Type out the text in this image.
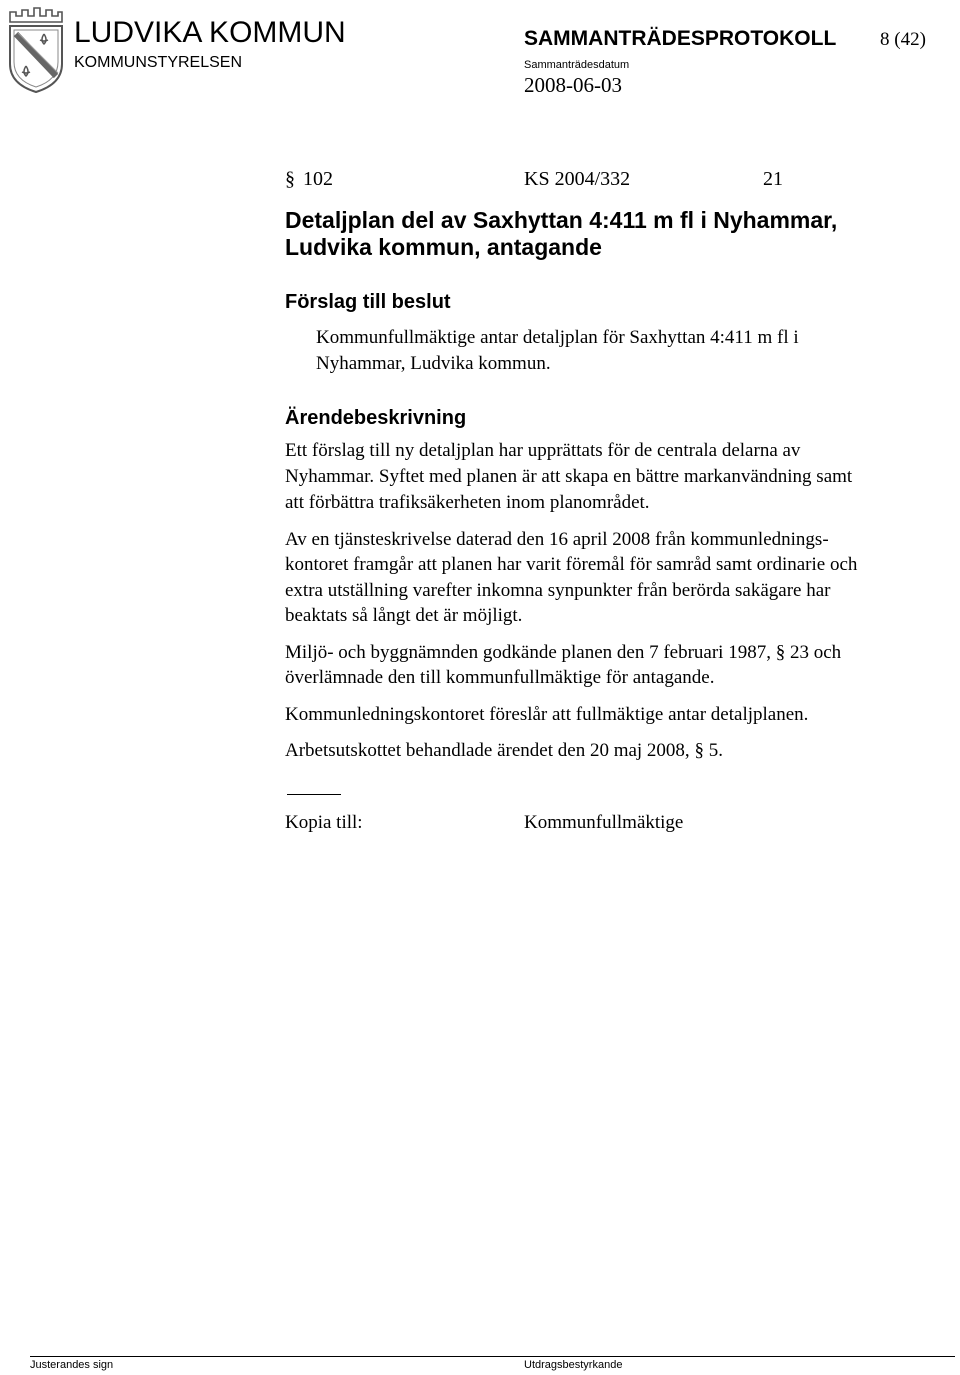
LUDVIKA KOMMUN
KOMMUNSTYRELSEN
SAMMANTRÄDESPROTOKOLL 8 (42)
Sammanträdesdatum
2008-06-03
§ 102	KS 2004/332	21
Detaljplan del av Saxhyttan 4:411 m fl i Nyhammar,
Ludvika kommun, antagande
Förslag till beslut
Kommunfullmäktige antar detaljplan för Saxhyttan 4:411 m fl i
Nyhammar, Ludvika kommun.
Ärendebeskrivning
Ett förslag till ny detaljplan har upprättats för de centrala delarna av
Nyhammar. Syftet med planen är att skapa en bättre markanvändning samt
att förbättra trafiksäkerheten inom planområdet.
Av en tjänsteskrivelse daterad den 16 april 2008 från kommunlednings-
kontoret framgår att planen har varit föremål för samråd samt ordinarie och
extra utställning varefter inkomna synpunkter från berörda sakägare har
beaktats så långt det är möjligt.
Miljö- och byggnämnden godkände planen den 7 februari 1987, § 23 och
överlämnade den till kommunfullmäktige för antagande.
Kommunledningskontoret föreslår att fullmäktige antar detaljplanen.
Arbetsutskottet behandlade ärendet den 20 maj 2008, § 5.
Kopia till:	Kommunfullmäktige
Justerandes sign	Utdragsbestyrkande
